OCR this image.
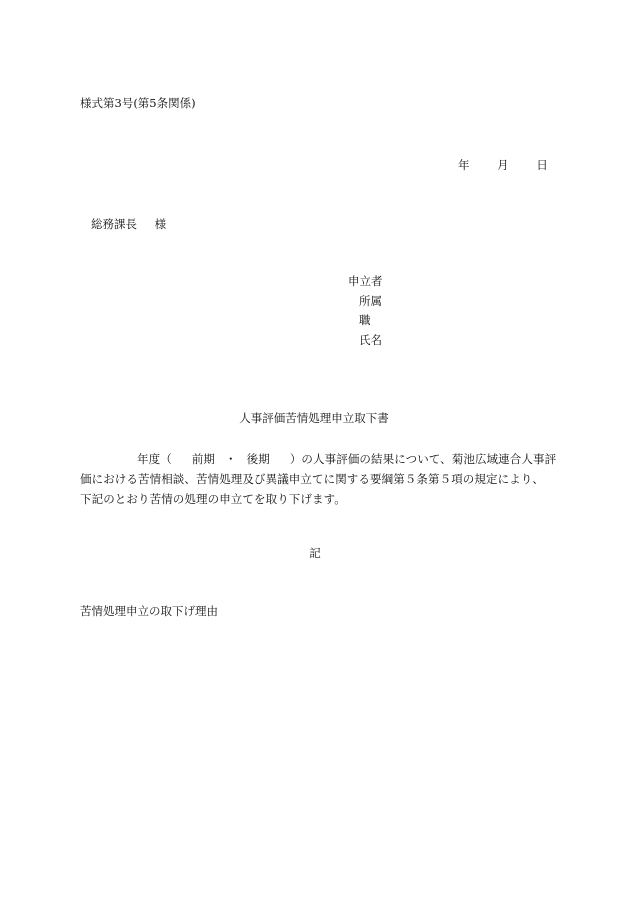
様式第3号(第5条関係)
年 月 日
総務課長 様
申立者
所属
職
氏名
人事評価苦情処理申立取下書
年度（ 前期 ・ 後期 ）の人事評価の結果について、菊池広域連合人事評
価における苦情相談、苦情処理及び異議申立てに関する要綱第５条第５項の規定により、
下記のとおり苦情の処理の申立てを取り下げます。
記
苦情処理申立の取下げ理由
